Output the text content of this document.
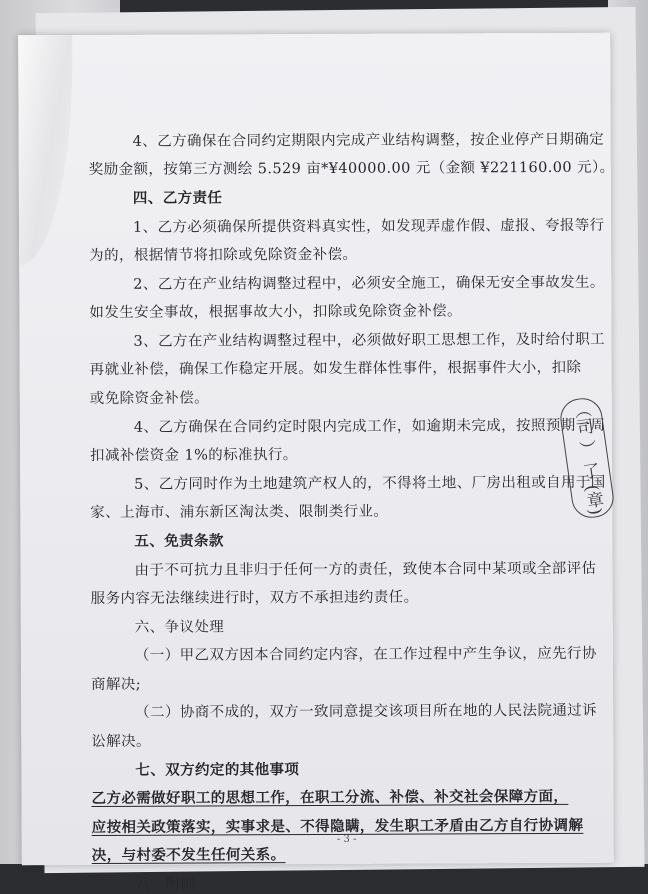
4、乙方确保在合同约定期限内完成产业结构调整，按企业停产日期确定
奖励金额，按第三方测绘 5.529 亩*¥40000.00 元（金额 ¥221160.00 元）。
四、乙方责任
1、乙方必须确保所提供资料真实性，如发现弄虚作假、虚报、夸报等行
为的，根据情节将扣除或免除资金补偿。
2、乙方在产业结构调整过程中，必须安全施工，确保无安全事故发生。
如发生安全事故，根据事故大小，扣除或免除资金补偿。
3、乙方在产业结构调整过程中，必须做好职工思想工作，及时给付职工
再就业补偿，确保工作稳定开展。如发生群体性事件，根据事件大小，扣除
或免除资金补偿。
4、乙方确保在合同约定时限内完成工作，如逾期未完成，按照预期一周
扣减补偿资金 1%的标准执行。
5、乙方同时作为土地建筑产权人的，不得将土地、厂房出租或自用于国
家、上海市、浦东新区淘汰类、限制类行业。
五、免责条款
由于不可抗力且非归于任何一方的责任，致使本合同中某项或全部评估
服务内容无法继续进行时，双方不承担违约责任。
六、争议处理
（一）甲乙双方因本合同约定内容，在工作过程中产生争议，应先行协
商解决;
（二）协商不成的，双方一致同意提交该项目所在地的人民法院通过诉
讼解决。
七、双方约定的其他事项
乙方必需做好职工的思想工作，在职工分流、补偿、补交社会保障方面，
应按相关政策落实，实事求是、不得隐瞒，发生职工矛盾由乙方自行协调解
决，与村委不发生任何关系。
八、附则
- 3 -
（司 ） 了 (章)
